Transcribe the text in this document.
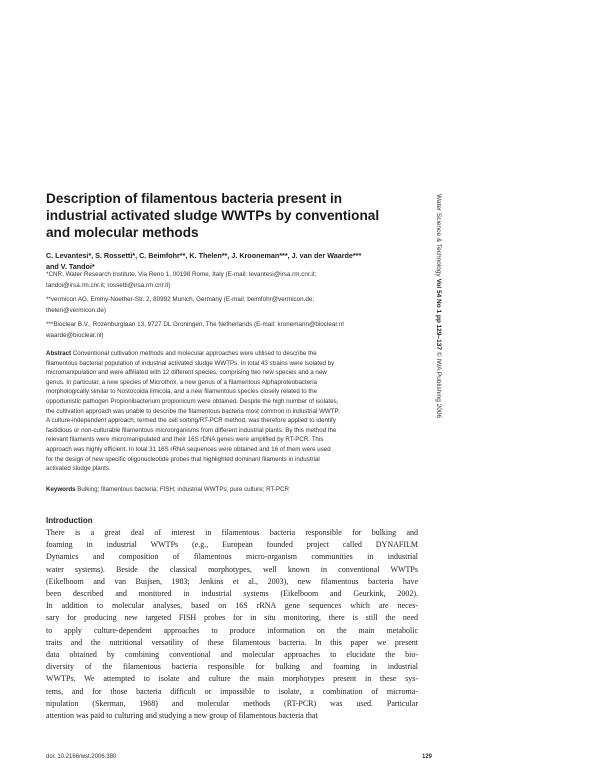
Description of filamentous bacteria present in
industrial activated sludge WWTPs by conventional
and molecular methods
C. Levantesi*, S. Rossetti*, C. Beimfohr**, K. Thelen**, J. Krooneman***, J. van der Waarde***
and V. Tandoi*
*CNR, Water Research Institute, Via Reno 1, 00198 Rome, Italy (E-mail: levantesi@irsa.rm.cnr.it;
tandoi@irsa.rm.cnr.it; rossetti@irsa.rm.cnr.it)
**vermicon AG, Emmy-Noether-Str. 2, 80992 Munich, Germany (E-mail: beimfohr@vermicon.de;
thelen@vermicon.de)
***Bioclear B.V., Rozenburglaan 13, 9727 DL Groningen, The Netherlands (E-mail: kronemann@bioclear.nl
waarde@bioclear.nl)
Abstract Conventional cultivation methods and molecular approaches were utilised to describe the
filamentous bacterial population of industrial activated sludge WWTPs. In total 43 strains were isolated by
micromanipulation and were affiliated with 12 different species, comprising two new species and a new
genus. In particular, a new species of Microthrix, a new genus of a filamentous Alphaproteobacteria
morphologically similar to Nostocoida limicola, and a new filamentous species closely related to the
opportunistic pathogen Propionibacterium propionicum were obtained. Despite the high number of isolates,
the cultivation approach was unable to describe the filamentous bacteria most common in industrial WWTP.
A culture-independent approach, termed the cell sorting/RT-PCR method, was therefore applied to identify
fastidious or non-culturable filamentous microorganisms from different industrial plants. By this method the
relevant filaments were micromanipulated and their 16S rDNA genes were amplified by RT-PCR. This
approach was highly efficient. In total 31 16S rRNA sequences were obtained and 16 of them were used
for the design of new specific oligonucleotide probes that highlighted dominant filaments in industrial
activated sludge plants.
Keywords Bulking; filamentous bacteria; FISH; industrial WWTPs; pure culture; RT-PCR
Introduction
There is a great deal of interest in filamentous bacteria responsible for bulking and
foaming in industrial WWTPs (e.g., European founded project called DYNAFILM
Dynamics and composition of filamentous micro-organism communities in industrial
water systems). Beside the classical morphotypes, well known in conventional WWTPs
(Eikelboom and van Buijsen, 1983; Jenkins et al., 2003), new filamentous bacteria have
been described and monitored in industrial systems (Eikelboom and Geurkink, 2002).
In addition to molecular analyses, based on 16S rRNA gene sequences which are neces-
sary for producing new targeted FISH probes for in situ monitoring, there is still the need
to apply culture-dependent approaches to produce information on the main metabolic
traits and the nutritional versatility of these filamentous bacteria. In this paper we present
data obtained by combining conventional and molecular approaches to elucidate the bio-
diversity of the filamentous bacteria responsible for bulking and foaming in industrial
WWTPs. We attempted to isolate and culture the main morphotypes present in these sys-
tems, and for those bacteria difficult or impossible to isolate, a combination of microma-
nipulation (Skerman, 1968) and molecular methods (RT-PCR) was used. Particular
attention was paid to culturing and studying a new group of filamentous bacteria that
Water Science & Technology Vol 54 No 1 pp 129–137 © IWA Publishing 2006
doi: 10.2166/wst.2006.380	129
